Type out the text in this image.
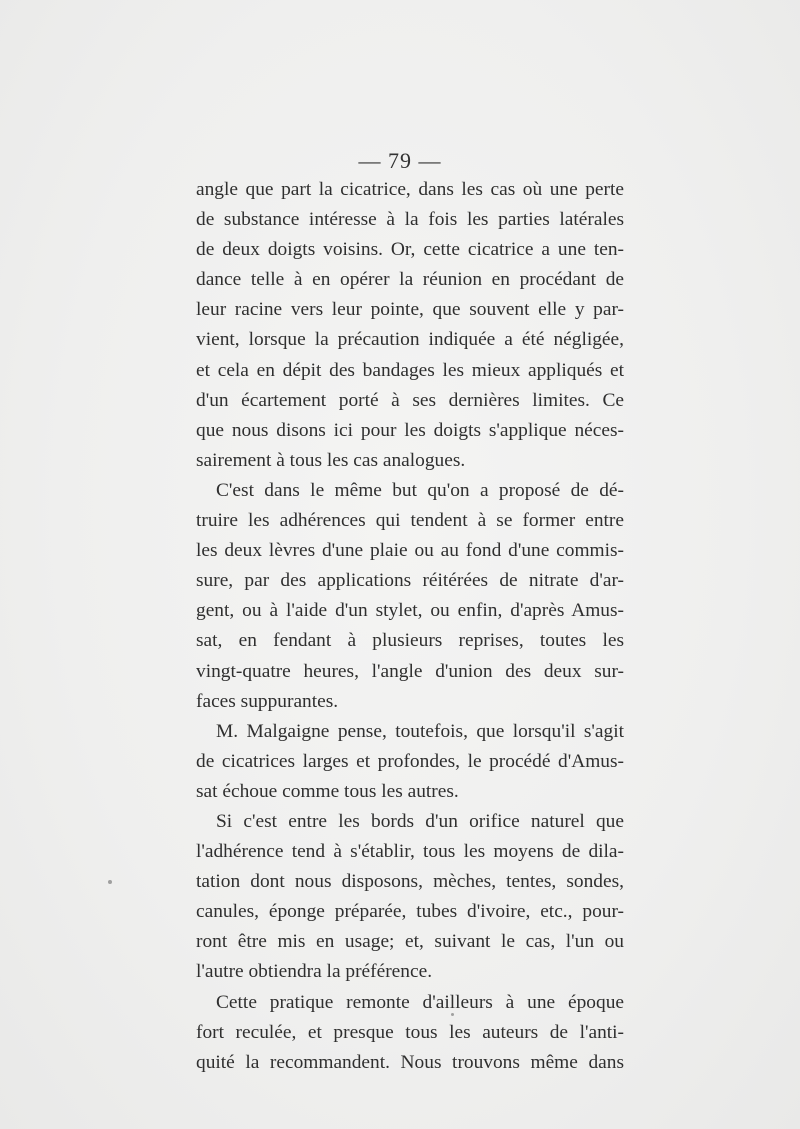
— 79 —
angle que part la cicatrice, dans les cas où une perte
de substance intéresse à la fois les parties latérales
de deux doigts voisins. Or, cette cicatrice a une ten-
dance telle à en opérer la réunion en procédant de
leur racine vers leur pointe, que souvent elle y par-
vient, lorsque la précaution indiquée a été négligée,
et cela en dépit des bandages les mieux appliqués et
d'un écartement porté à ses dernières limites. Ce
que nous disons ici pour les doigts s'applique néces-
sairement à tous les cas analogues.
C'est dans le même but qu'on a proposé de dé-
truire les adhérences qui tendent à se former entre
les deux lèvres d'une plaie ou au fond d'une commis-
sure, par des applications réitérées de nitrate d'ar-
gent, ou à l'aide d'un stylet, ou enfin, d'après Amus-
sat, en fendant à plusieurs reprises, toutes les
vingt-quatre heures, l'angle d'union des deux sur-
faces suppurantes.
M. Malgaigne pense, toutefois, que lorsqu'il s'agit
de cicatrices larges et profondes, le procédé d'Amus-
sat échoue comme tous les autres.
Si c'est entre les bords d'un orifice naturel que
l'adhérence tend à s'établir, tous les moyens de dila-
tation dont nous disposons, mèches, tentes, sondes,
canules, éponge préparée, tubes d'ivoire, etc., pour-
ront être mis en usage; et, suivant le cas, l'un ou
l'autre obtiendra la préférence.
Cette pratique remonte d'ailleurs à une époque
fort reculée, et presque tous les auteurs de l'anti-
quité la recommandent. Nous trouvons même dans
